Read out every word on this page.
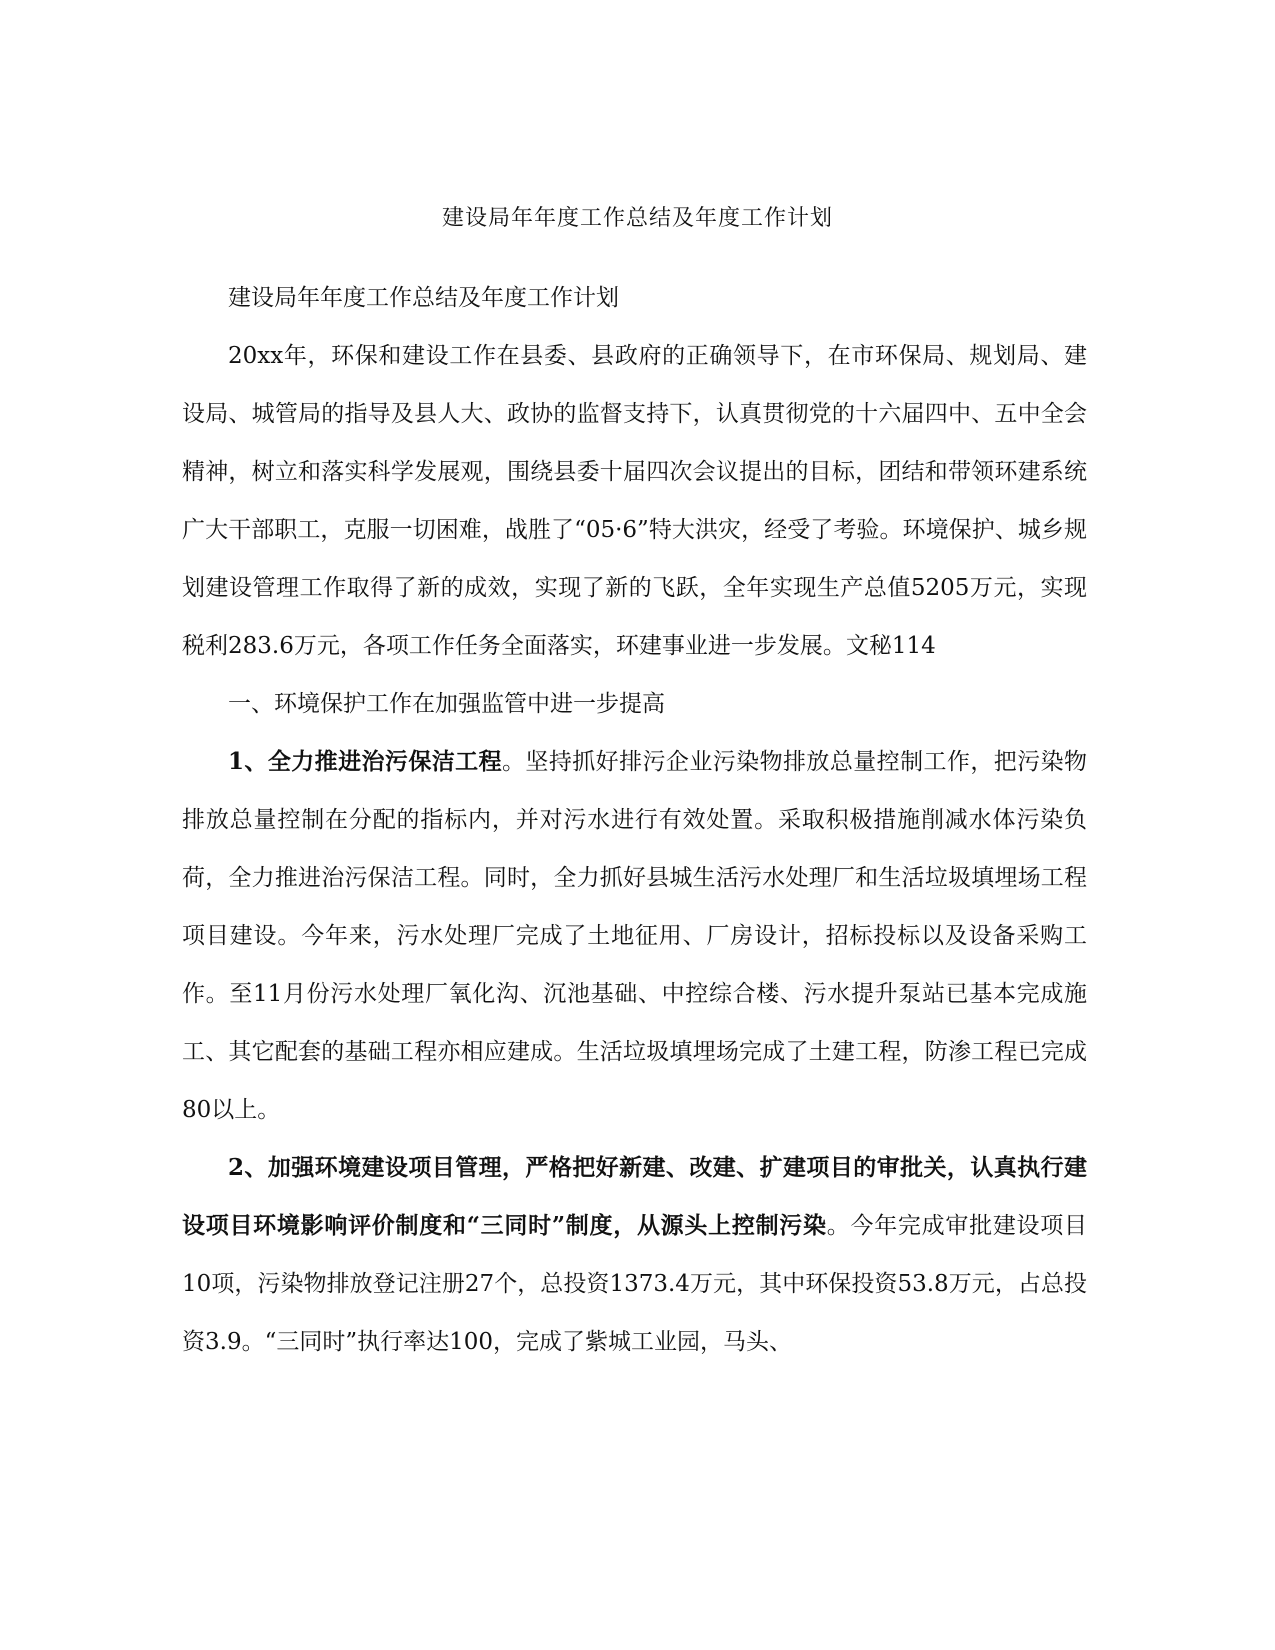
建设局年年度工作总结及年度工作计划

建设局年年度工作总结及年度工作计划

20xx年，环保和建设工作在县委、县政府的正确领导下，在市环保局、规划局、建设局、城管局的指导及县人大、政协的监督支持下，认真贯彻党的十六届四中、五中全会精神，树立和落实科学发展观，围绕县委十届四次会议提出的目标，团结和带领环建系统广大干部职工，克服一切困难，战胜了“05·6”特大洪灾，经受了考验。环境保护、城乡规划建设管理工作取得了新的成效，实现了新的飞跃，全年实现生产总值5205万元，实现税利283.6万元，各项工作任务全面落实，环建事业进一步发展。文秘114

一、环境保护工作在加强监管中进一步提高

1、全力推进治污保洁工程。坚持抓好排污企业污染物排放总量控制工作，把污染物排放总量控制在分配的指标内，并对污水进行有效处置。采取积极措施削减水体污染负荷，全力推进治污保洁工程。同时，全力抓好县城生活污水处理厂和生活垃圾填埋场工程项目建设。今年来，污水处理厂完成了土地征用、厂房设计，招标投标以及设备采购工作。至11月份污水处理厂氧化沟、沉池基础、中控综合楼、污水提升泵站已基本完成施工、其它配套的基础工程亦相应建成。生活垃圾填埋场完成了土建工程，防渗工程已完成80以上。

2、加强环境建设项目管理，严格把好新建、改建、扩建项目的审批关，认真执行建设项目环境影响评价制度和“三同时”制度，从源头上控制污染。今年完成审批建设项目10项，污染物排放登记注册27个，总投资1373.4万元，其中环保投资53.8万元，占总投资3.9。“三同时”执行率达100，完成了紫城工业园，马头、
